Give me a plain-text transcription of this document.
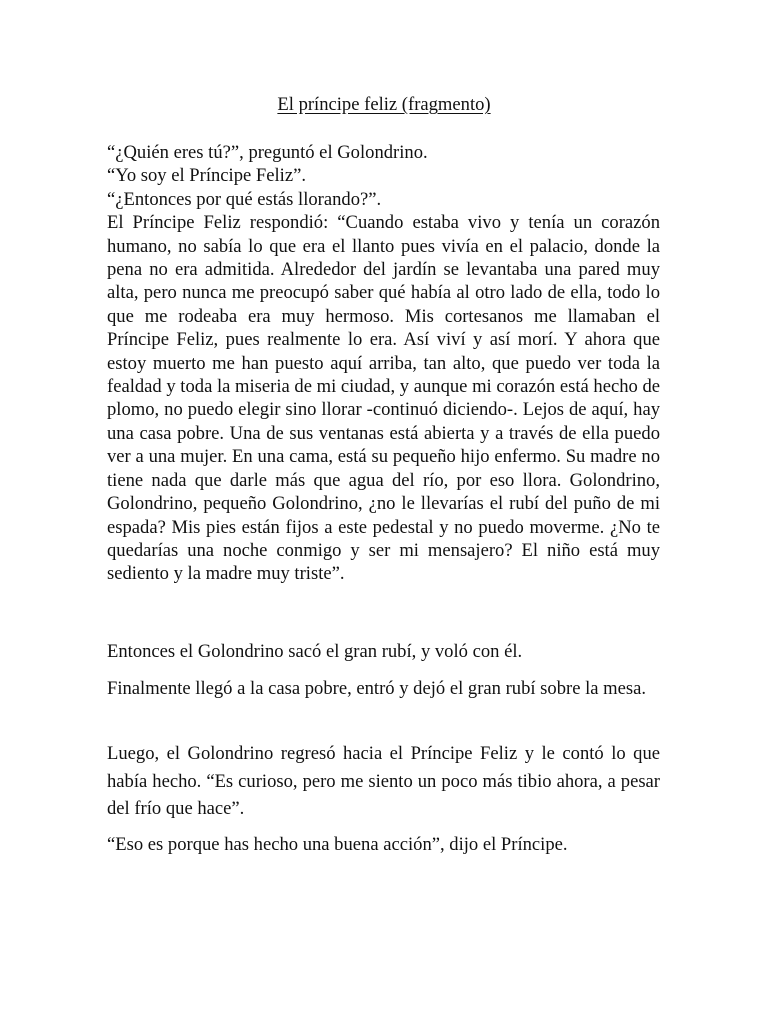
El príncipe feliz (fragmento)

“¿Quién eres tú?”, preguntó el Golondrino.

“Yo soy el Príncipe Feliz”.

“¿Entonces por qué estás llorando?”.

El Príncipe Feliz respondió: “Cuando estaba vivo y tenía un corazón humano, no sabía lo que era el llanto pues vivía en el palacio, donde la pena no era admitida. Alrededor del jardín se levantaba una pared muy alta, pero nunca me preocupó saber qué había al otro lado de ella, todo lo que me rodeaba era muy hermoso. Mis cortesanos me llamaban el Príncipe Feliz, pues realmente lo era. Así viví y así morí. Y ahora que estoy muerto me han puesto aquí arriba, tan alto, que puedo ver toda la fealdad y toda la miseria de mi ciudad, y aunque mi corazón está hecho de plomo, no puedo elegir sino llorar -continuó diciendo-. Lejos de aquí, hay una casa pobre. Una de sus ventanas está abierta y a través de ella puedo ver a una mujer. En una cama, está su pequeño hijo enfermo. Su madre no tiene nada que darle más que agua del río, por eso llora. Golondrino, Golondrino, pequeño Golondrino, ¿no le llevarías el rubí del puño de mi espada? Mis pies están fijos a este pedestal y no puedo moverme. ¿No te quedarías una noche conmigo y ser mi mensajero? El niño está muy sediento y la madre muy triste”.

Entonces el Golondrino sacó el gran rubí, y voló con él.

Finalmente llegó a la casa pobre, entró y dejó el gran rubí sobre la mesa.

Luego, el Golondrino regresó hacia el Príncipe Feliz y le contó lo que había hecho. “Es curioso, pero me siento un poco más tibio ahora, a pesar del frío que hace”.

“Eso es porque has hecho una buena acción”, dijo el Príncipe.
